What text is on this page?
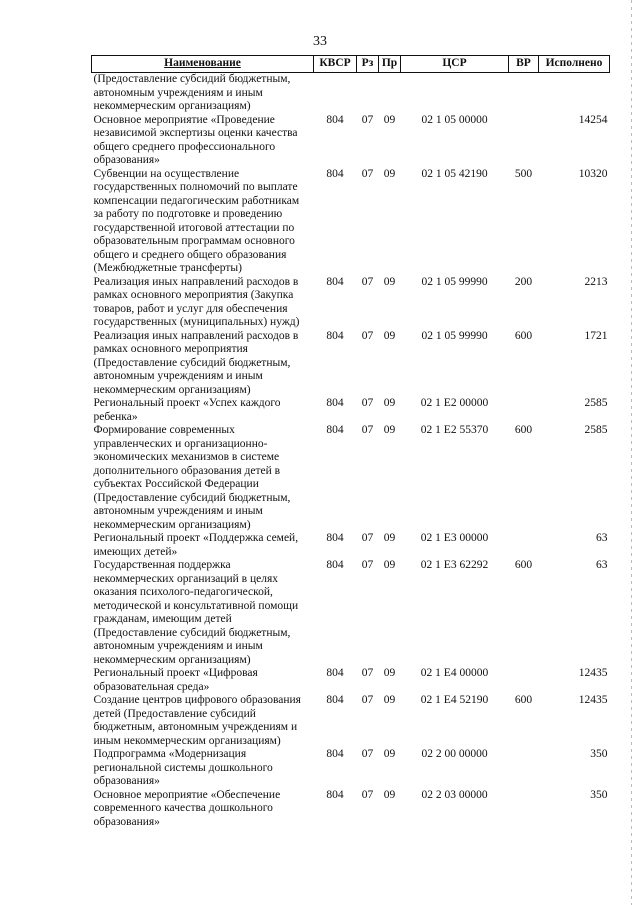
33
Наименование	КВСР	Рз	Пр	ЦСР	ВР	Исполнено
(Предоставление субсидий бюджетным, автономным учреждениям и иным некоммерческим организациям)						
Основное мероприятие «Проведение независимой экспертизы оценки качества общего среднего профессионального образования»	804	07	09	02 1 05 00000		14254
Субвенции на осуществление государственных полномочий по выплате компенсации педагогическим работникам за работу по подготовке и проведению государственной итоговой аттестации по образовательным программам основного общего и среднего общего образования (Межбюджетные трансферты)	804	07	09	02 1 05 42190	500	10320
Реализация иных направлений расходов в рамках основного мероприятия (Закупка товаров, работ и услуг для обеспечения государственных (муниципальных) нужд)	804	07	09	02 1 05 99990	200	2213
Реализация иных направлений расходов в рамках основного мероприятия (Предоставление субсидий бюджетным, автономным учреждениям и иным некоммерческим организациям)	804	07	09	02 1 05 99990	600	1721
Региональный проект «Успех каждого ребенка»	804	07	09	02 1 Е2 00000		2585
Формирование современных управленческих и организационно-экономических механизмов в системе дополнительного образования детей в субъектах Российской Федерации (Предоставление субсидий бюджетным, автономным учреждениям и иным некоммерческим организациям)	804	07	09	02 1 Е2 55370	600	2585
Региональный проект «Поддержка семей, имеющих детей»	804	07	09	02 1 Е3 00000		63
Государственная поддержка некоммерческих организаций в целях оказания психолого-педагогической, методической и консультативной помощи гражданам, имеющим детей (Предоставление субсидий бюджетным, автономным учреждениям и иным некоммерческим организациям)	804	07	09	02 1 Е3 62292	600	63
Региональный проект «Цифровая образовательная среда»	804	07	09	02 1 Е4 00000		12435
Создание центров цифрового образования детей (Предоставление субсидий бюджетным, автономным учреждениям и иным некоммерческим организациям)	804	07	09	02 1 Е4 52190	600	12435
Подпрограмма «Модернизация региональной системы дошкольного образования»	804	07	09	02 2 00 00000		350
Основное мероприятие «Обеспечение современного качества дошкольного образования»	804	07	09	02 2 03 00000		350
